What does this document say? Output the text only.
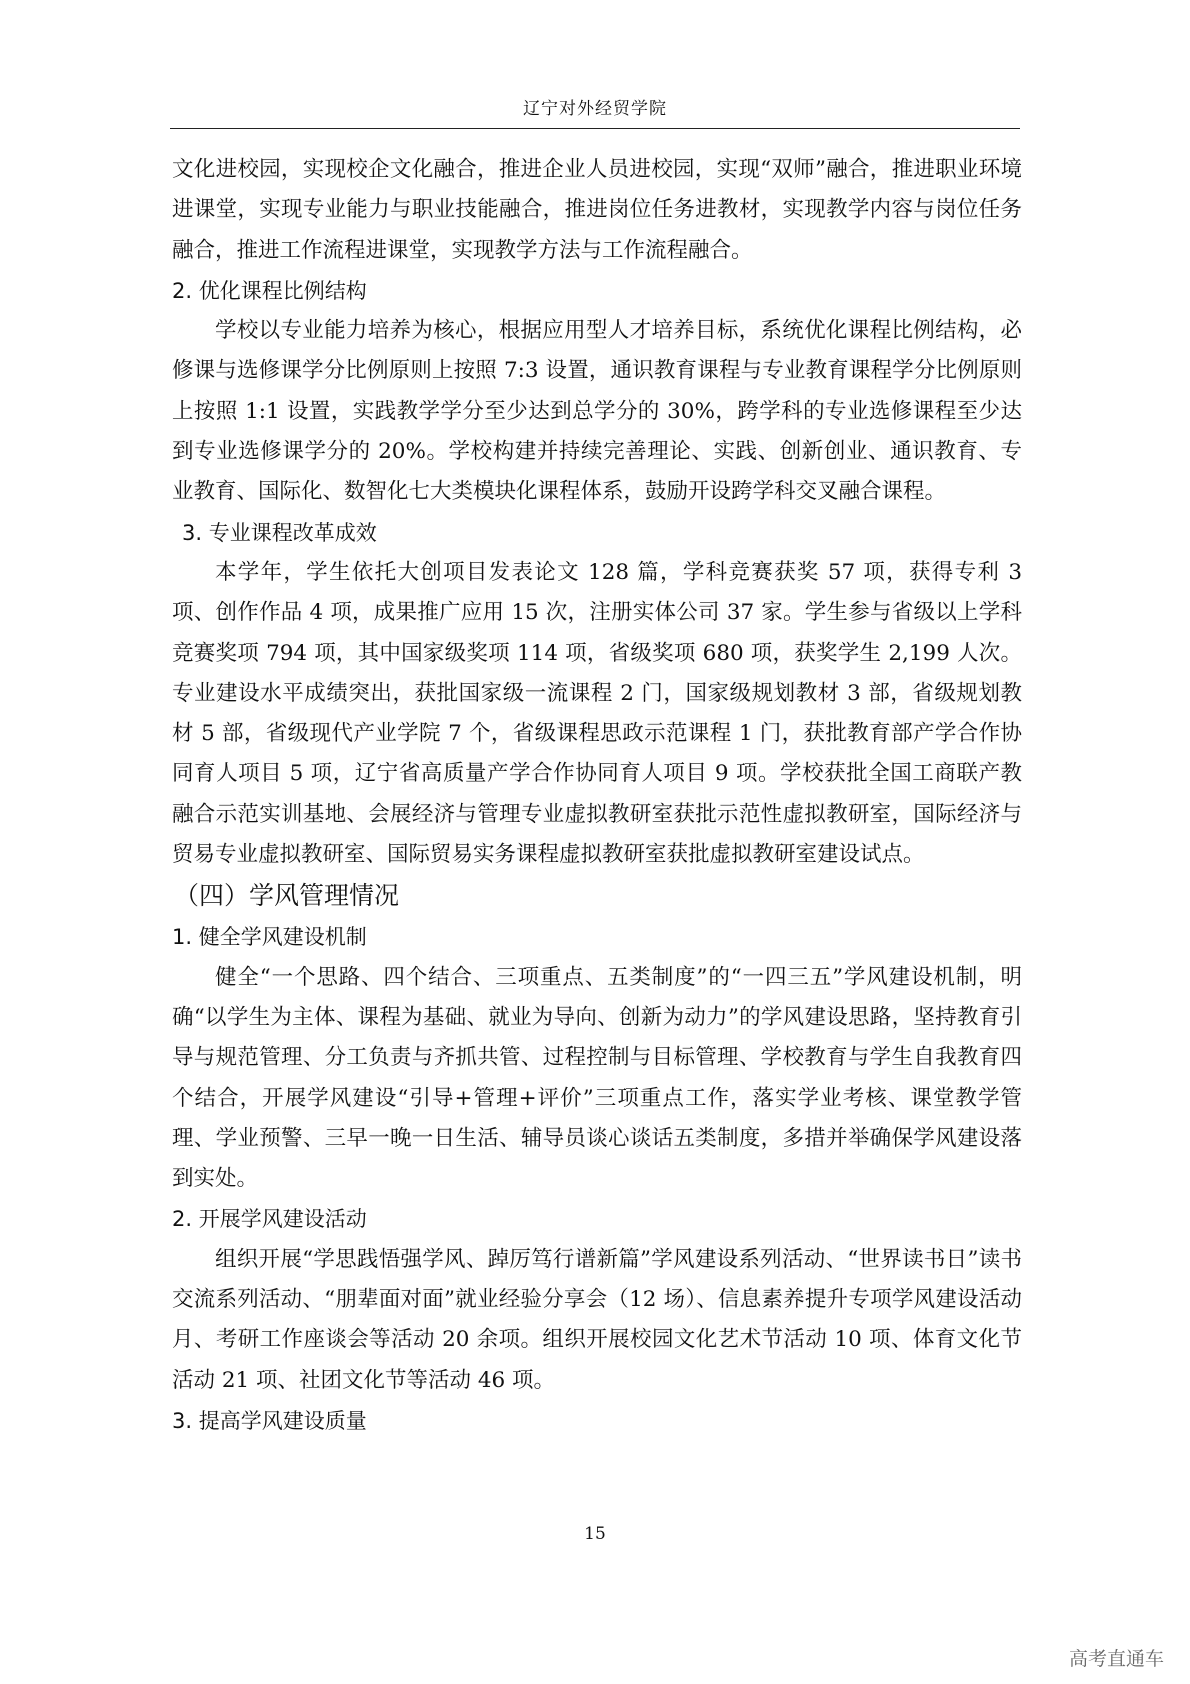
辽宁对外经贸学院

文化进校园，实现校企文化融合，推进企业人员进校园，实现“双师”融合，推进职业环境进课堂，实现专业能力与职业技能融合，推进岗位任务进教材，实现教学内容与岗位任务融合，推进工作流程进课堂，实现教学方法与工作流程融合。

2. 优化课程比例结构

学校以专业能力培养为核心，根据应用型人才培养目标，系统优化课程比例结构，必修课与选修课学分比例原则上按照 7:3 设置，通识教育课程与专业教育课程学分比例原则上按照 1:1 设置，实践教学学分至少达到总学分的 30%，跨学科的专业选修课程至少达到专业选修课学分的 20%。学校构建并持续完善理论、实践、创新创业、通识教育、专业教育、国际化、数智化七大类模块化课程体系，鼓励开设跨学科交叉融合课程。

3. 专业课程改革成效

本学年，学生依托大创项目发表论文 128 篇，学科竞赛获奖 57 项，获得专利 3 项、创作作品 4 项，成果推广应用 15 次，注册实体公司 37 家。学生参与省级以上学科竞赛奖项 794 项，其中国家级奖项 114 项，省级奖项 680 项，获奖学生 2,199 人次。专业建设水平成绩突出，获批国家级一流课程 2 门，国家级规划教材 3 部，省级规划教材 5 部，省级现代产业学院 7 个，省级课程思政示范课程 1 门，获批教育部产学合作协同育人项目 5 项，辽宁省高质量产学合作协同育人项目 9 项。学校获批全国工商联产教融合示范实训基地、会展经济与管理专业虚拟教研室获批示范性虚拟教研室，国际经济与贸易专业虚拟教研室、国际贸易实务课程虚拟教研室获批虚拟教研室建设试点。

（四）学风管理情况

1. 健全学风建设机制

健全“一个思路、四个结合、三项重点、五类制度”的“一四三五”学风建设机制，明确“以学生为主体、课程为基础、就业为导向、创新为动力”的学风建设思路，坚持教育引导与规范管理、分工负责与齐抓共管、过程控制与目标管理、学校教育与学生自我教育四个结合，开展学风建设“引导+管理+评价”三项重点工作，落实学业考核、课堂教学管理、学业预警、三早一晚一日生活、辅导员谈心谈话五类制度，多措并举确保学风建设落到实处。

2. 开展学风建设活动

组织开展“学思践悟强学风、踔厉笃行谱新篇”学风建设系列活动、“世界读书日”读书交流系列活动、“朋辈面对面”就业经验分享会（12 场）、信息素养提升专项学风建设活动月、考研工作座谈会等活动 20 余项。组织开展校园文化艺术节活动 10 项、体育文化节活动 21 项、社团文化节等活动 46 项。

3. 提高学风建设质量

15
高考直通车
